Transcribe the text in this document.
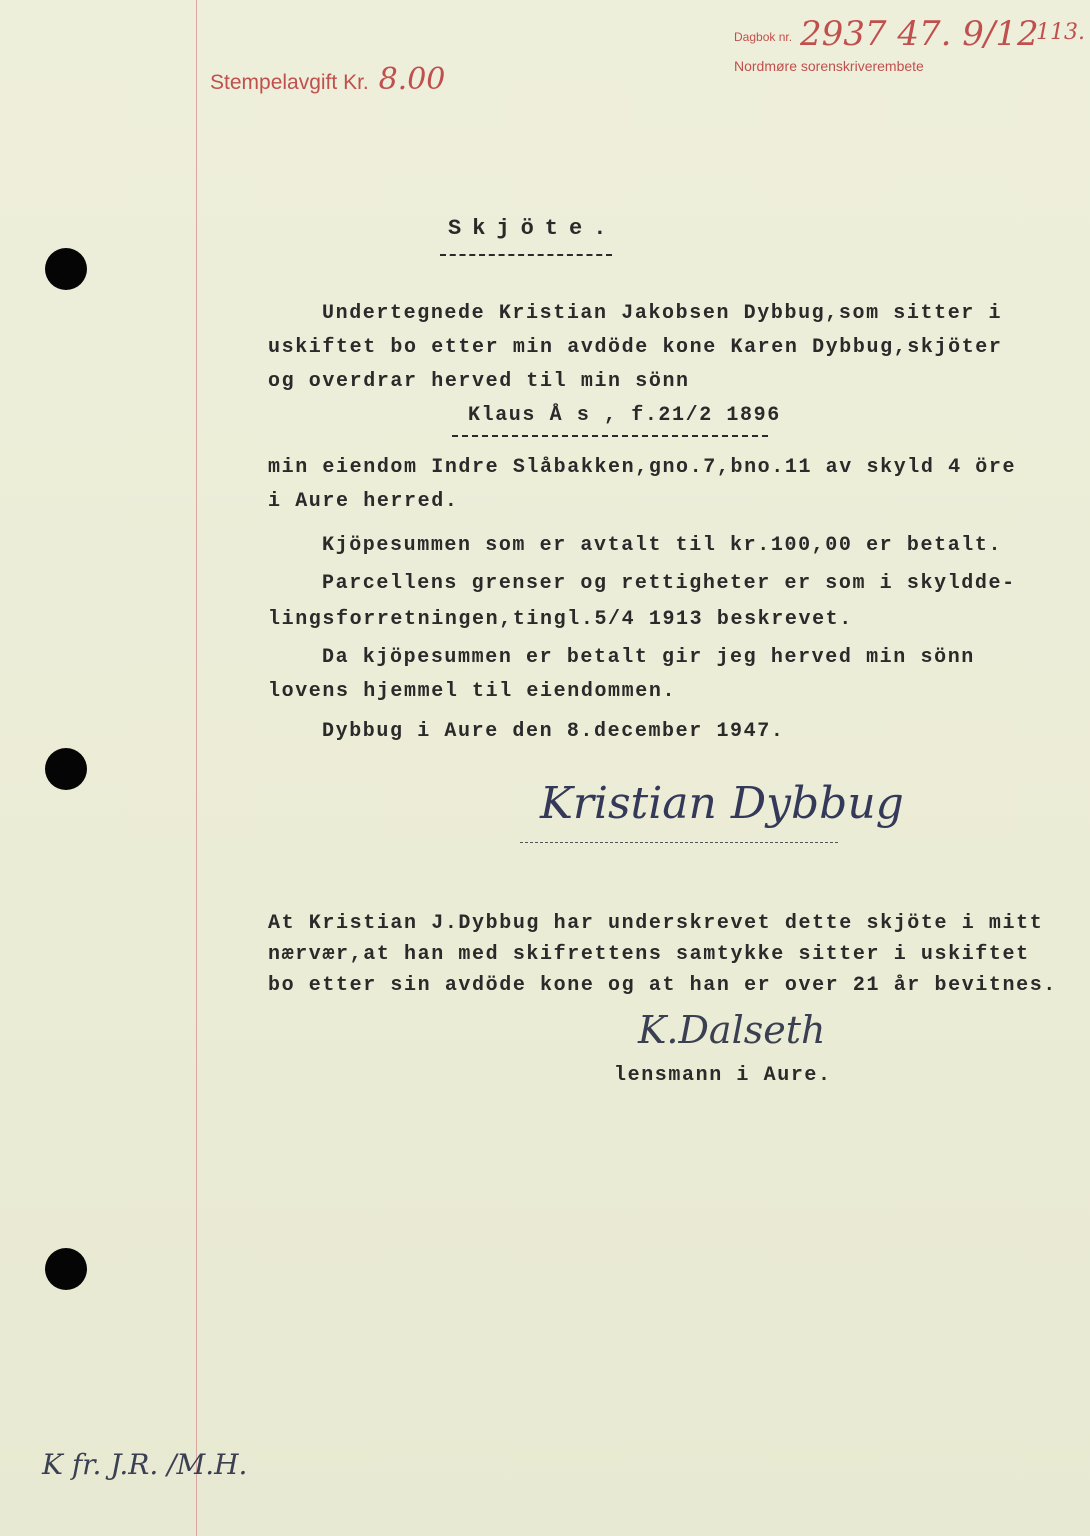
Stempelavgift Kr. 8.00
Dagbok nr. 2937 47. 9/12
113.
Nordmøre sorenskriverembete
Skjöte.
Undertegnede Kristian Jakobsen Dybbug,som sitter i
uskiftet bo etter min avdöde kone Karen Dybbug,skjöter
og overdrar herved til min sönn
Klaus Å s , f.21/2 1896
min eiendom Indre Slåbakken,gno.7,bno.11 av skyld 4 öre
i Aure herred.
Kjöpesummen som er avtalt til kr.100,00 er betalt.
Parcellens grenser og rettigheter er som i skylddе-
lingsforretningen,tingl.5/4 1913 beskrevet.
Da kjöpesummen er betalt gir jeg herved min sönn
lovens hjemmel til eiendommen.
Dybbug i Aure den 8.december 1947.
Kristian Dybbug
At Kristian J.Dybbug har underskrevet dette skjöte i mitt
nærvær,at han med skifrettens samtykke sitter i uskiftet
bo etter sin avdöde kone og at han er over 21 år bevitnes.
K.Dalseth
lensmann i Aure.
K fr. J.R. /M.H.
